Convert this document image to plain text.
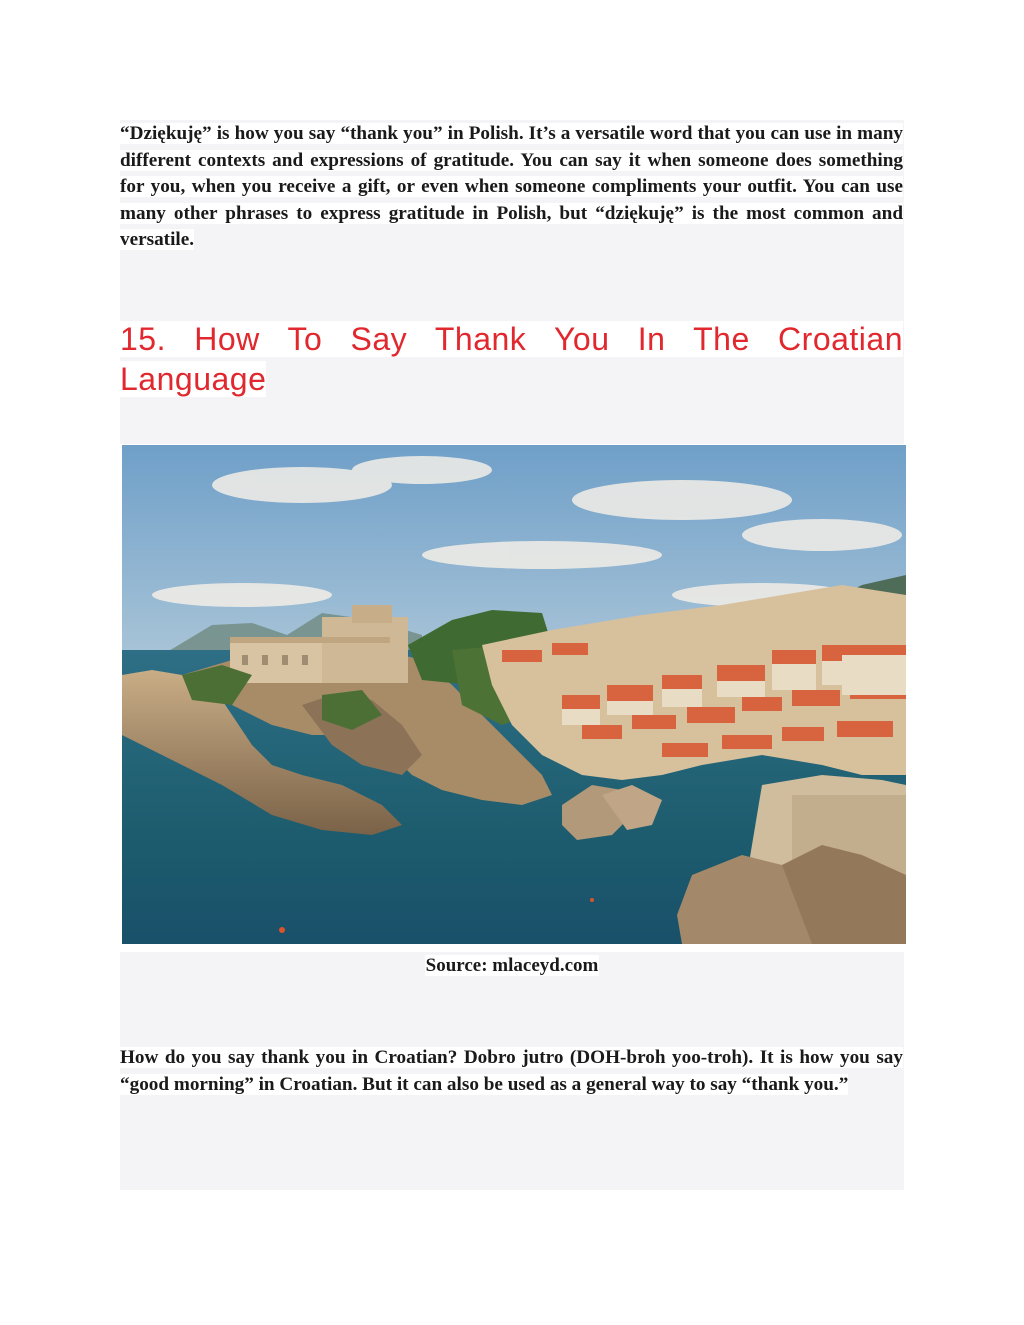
“Dziękuję” is how you say “thank you” in Polish. It’s a versatile word that you can use in many different contexts and expressions of gratitude. You can say it when someone does something for you, when you receive a gift, or even when someone compliments your outfit. You can use many other phrases to express gratitude in Polish, but “dziękuję” is the most common and versatile.

15. How To Say Thank You In The Croatian Language

Source: mlaceyd.com

How do you say thank you in Croatian? Dobro jutro (DOH-broh yoo-troh). It is how you say “good morning” in Croatian. But it can also be used as a general way to say “thank you.”
